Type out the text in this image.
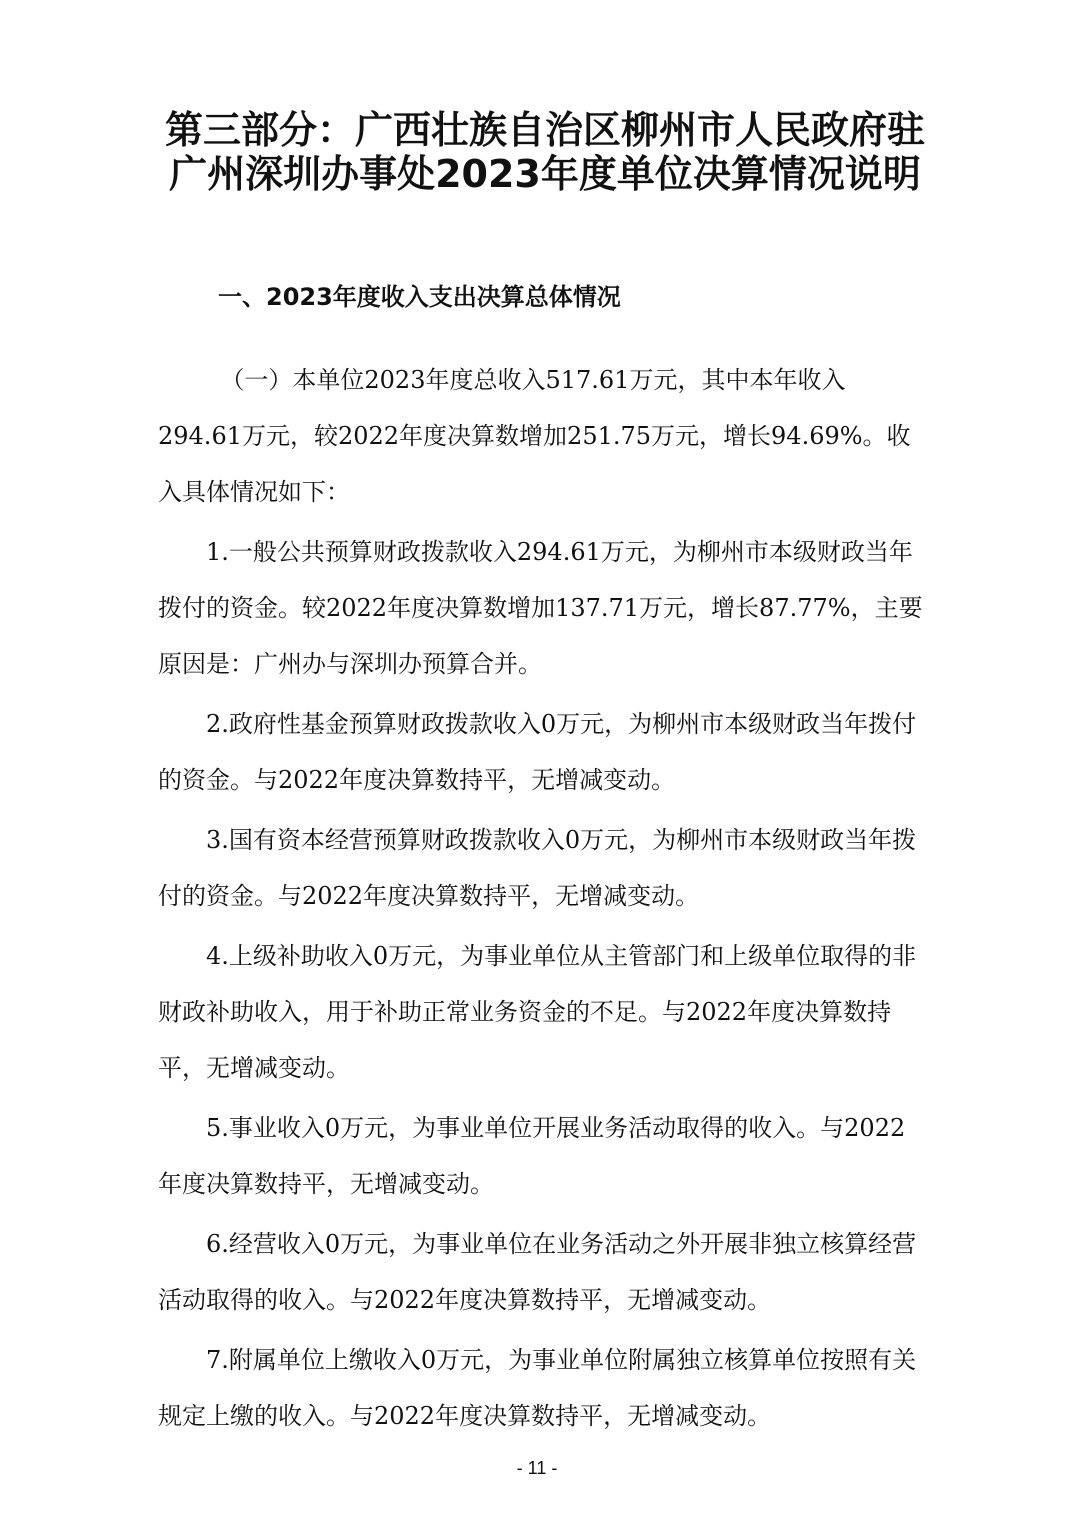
第三部分：广西壮族自治区柳州市人民政府驻广州深圳办事处2023年度单位决算情况说明
一、2023年度收入支出决算总体情况

（一）本单位2023年度总收入517.61万元，其中本年收入294.61万元，较2022年度决算数增加251.75万元，增长94.69%。收入具体情况如下：

1.一般公共预算财政拨款收入294.61万元，为柳州市本级财政当年拨付的资金。较2022年度决算数增加137.71万元，增长87.77%，主要原因是：广州办与深圳办预算合并。

2.政府性基金预算财政拨款收入0万元，为柳州市本级财政当年拨付的资金。与2022年度决算数持平，无增减变动。

3.国有资本经营预算财政拨款收入0万元，为柳州市本级财政当年拨付的资金。与2022年度决算数持平，无增减变动。

4.上级补助收入0万元，为事业单位从主管部门和上级单位取得的非财政补助收入，用于补助正常业务资金的不足。与2022年度决算数持平，无增减变动。

5.事业收入0万元，为事业单位开展业务活动取得的收入。与2022年度决算数持平，无增减变动。

6.经营收入0万元，为事业单位在业务活动之外开展非独立核算经营活动取得的收入。与2022年度决算数持平，无增减变动。

7.附属单位上缴收入0万元，为事业单位附属独立核算单位按照有关规定上缴的收入。与2022年度决算数持平，无增减变动。

- 11 -
